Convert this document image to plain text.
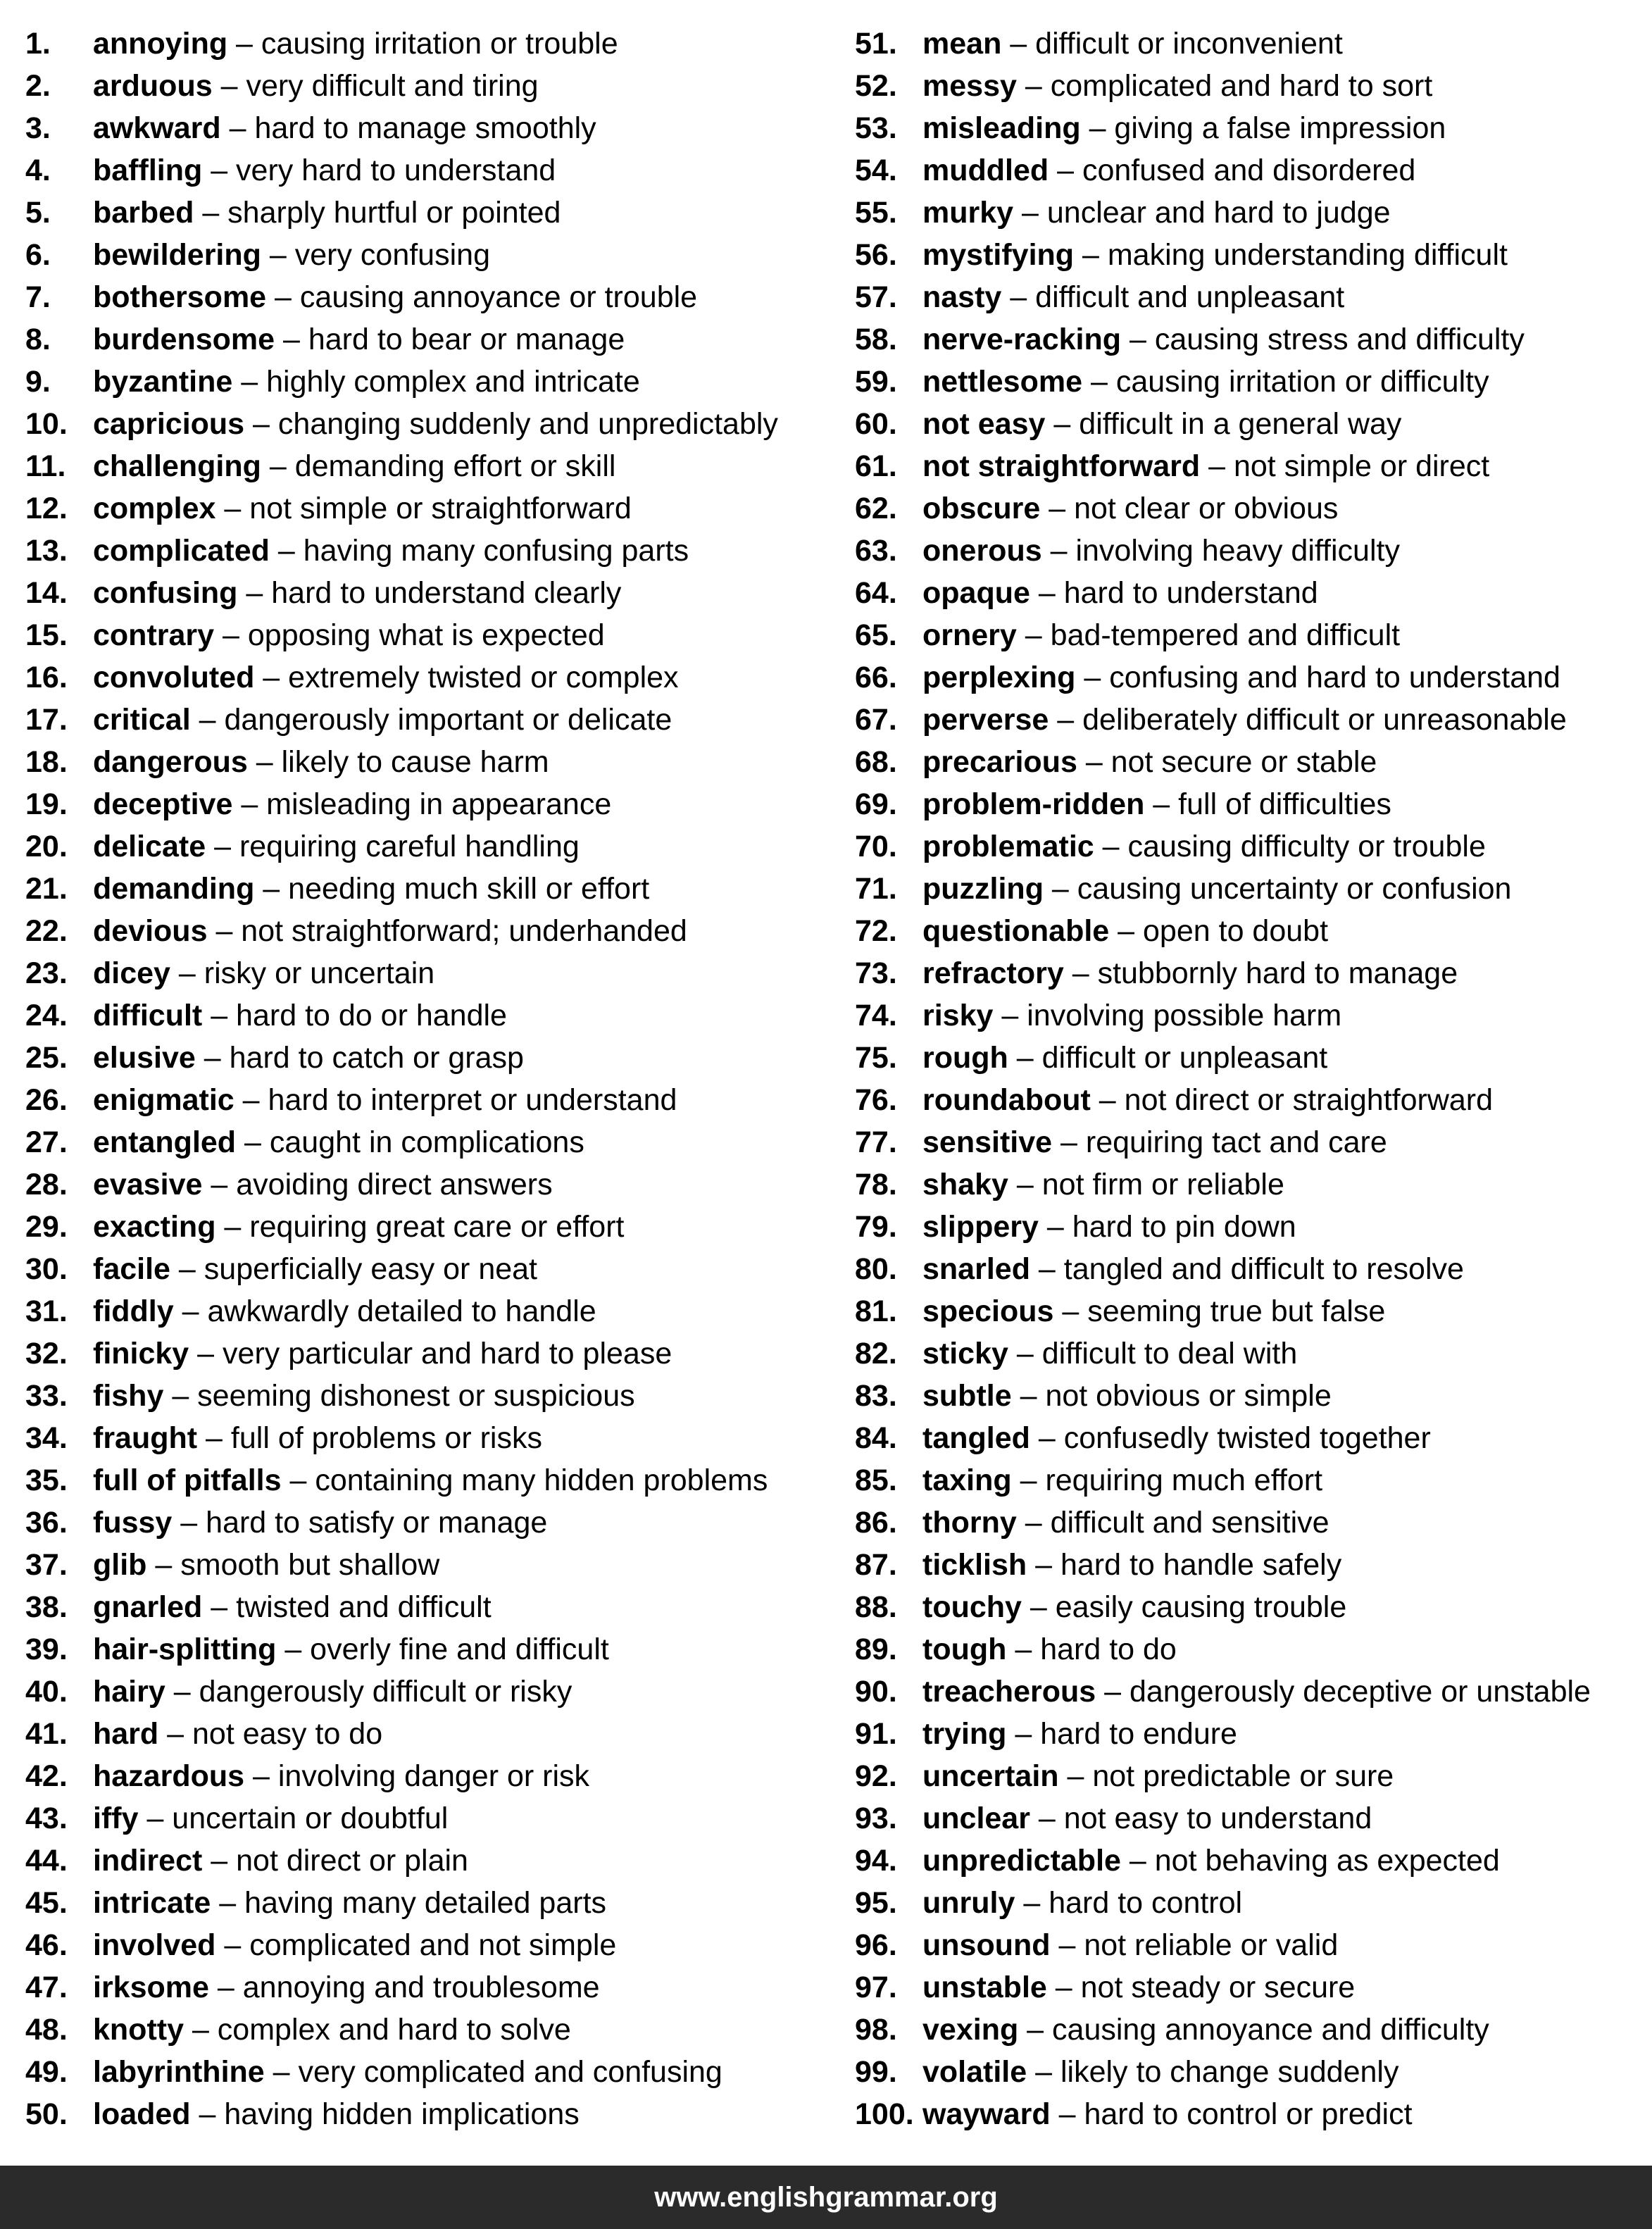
1. annoying – causing irritation or trouble
2. arduous – very difficult and tiring
3. awkward – hard to manage smoothly
4. baffling – very hard to understand
5. barbed – sharply hurtful or pointed
6. bewildering – very confusing
7. bothersome – causing annoyance or trouble
8. burdensome – hard to bear or manage
9. byzantine – highly complex and intricate
10. capricious – changing suddenly and unpredictably
11. challenging – demanding effort or skill
12. complex – not simple or straightforward
13. complicated – having many confusing parts
14. confusing – hard to understand clearly
15. contrary – opposing what is expected
16. convoluted – extremely twisted or complex
17. critical – dangerously important or delicate
18. dangerous – likely to cause harm
19. deceptive – misleading in appearance
20. delicate – requiring careful handling
21. demanding – needing much skill or effort
22. devious – not straightforward; underhanded
23. dicey – risky or uncertain
24. difficult – hard to do or handle
25. elusive – hard to catch or grasp
26. enigmatic – hard to interpret or understand
27. entangled – caught in complications
28. evasive – avoiding direct answers
29. exacting – requiring great care or effort
30. facile – superficially easy or neat
31. fiddly – awkwardly detailed to handle
32. finicky – very particular and hard to please
33. fishy – seeming dishonest or suspicious
34. fraught – full of problems or risks
35. full of pitfalls – containing many hidden problems
36. fussy – hard to satisfy or manage
37. glib – smooth but shallow
38. gnarled – twisted and difficult
39. hair-splitting – overly fine and difficult
40. hairy – dangerously difficult or risky
41. hard – not easy to do
42. hazardous – involving danger or risk
43. iffy – uncertain or doubtful
44. indirect – not direct or plain
45. intricate – having many detailed parts
46. involved – complicated and not simple
47. irksome – annoying and troublesome
48. knotty – complex and hard to solve
49. labyrinthine – very complicated and confusing
50. loaded – having hidden implications
51. mean – difficult or inconvenient
52. messy – complicated and hard to sort
53. misleading – giving a false impression
54. muddled – confused and disordered
55. murky – unclear and hard to judge
56. mystifying – making understanding difficult
57. nasty – difficult and unpleasant
58. nerve-racking – causing stress and difficulty
59. nettlesome – causing irritation or difficulty
60. not easy – difficult in a general way
61. not straightforward – not simple or direct
62. obscure – not clear or obvious
63. onerous – involving heavy difficulty
64. opaque – hard to understand
65. ornery – bad-tempered and difficult
66. perplexing – confusing and hard to understand
67. perverse – deliberately difficult or unreasonable
68. precarious – not secure or stable
69. problem-ridden – full of difficulties
70. problematic – causing difficulty or trouble
71. puzzling – causing uncertainty or confusion
72. questionable – open to doubt
73. refractory – stubbornly hard to manage
74. risky – involving possible harm
75. rough – difficult or unpleasant
76. roundabout – not direct or straightforward
77. sensitive – requiring tact and care
78. shaky – not firm or reliable
79. slippery – hard to pin down
80. snarled – tangled and difficult to resolve
81. specious – seeming true but false
82. sticky – difficult to deal with
83. subtle – not obvious or simple
84. tangled – confusedly twisted together
85. taxing – requiring much effort
86. thorny – difficult and sensitive
87. ticklish – hard to handle safely
88. touchy – easily causing trouble
89. tough – hard to do
90. treacherous – dangerously deceptive or unstable
91. trying – hard to endure
92. uncertain – not predictable or sure
93. unclear – not easy to understand
94. unpredictable – not behaving as expected
95. unruly – hard to control
96. unsound – not reliable or valid
97. unstable – not steady or secure
98. vexing – causing annoyance and difficulty
99. volatile – likely to change suddenly
100. wayward – hard to control or predict
www.englishgrammar.org
